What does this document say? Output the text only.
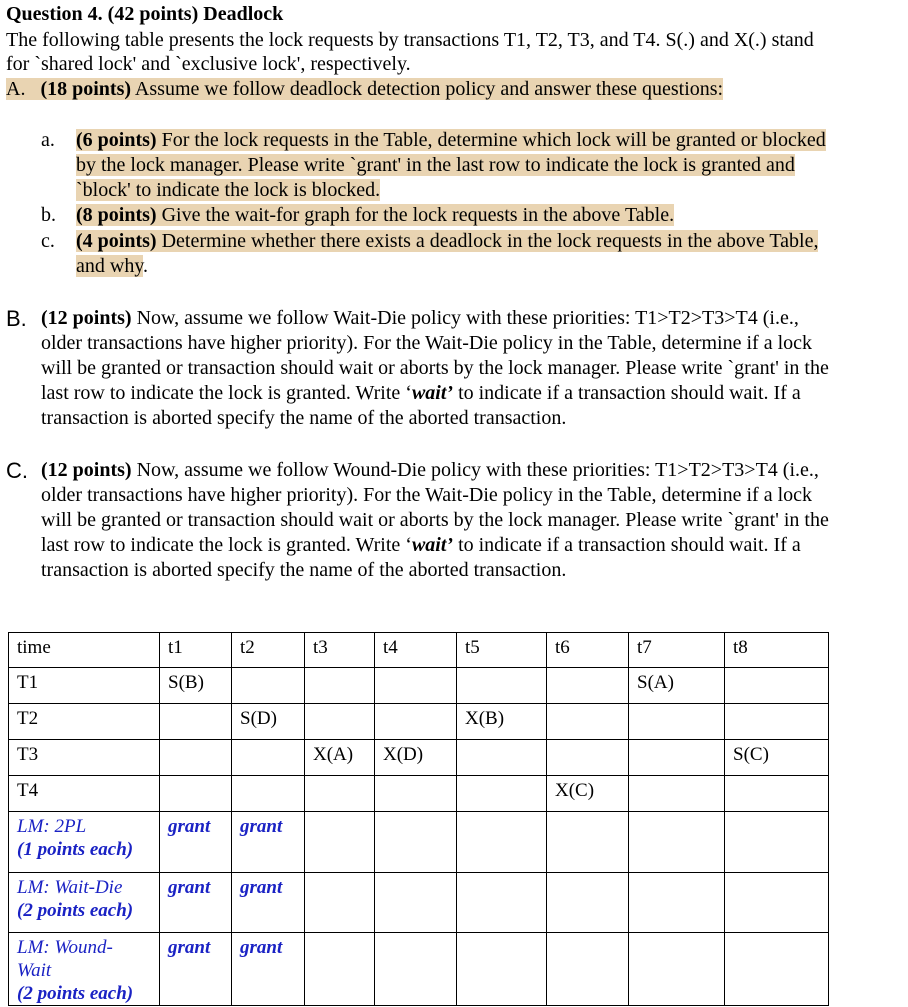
Question 4. (42 points) Deadlock
The following table presents the lock requests by transactions T1, T2, T3, and T4. S(.) and X(.) stand
for `shared lock' and `exclusive lock', respectively.
A. (18 points) Assume we follow deadlock detection policy and answer these questions:
a. (6 points) For the lock requests in the Table, determine which lock will be granted or blocked
by the lock manager. Please write `grant' in the last row to indicate the lock is granted and
`block' to indicate the lock is blocked.
b. (8 points) Give the wait-for graph for the lock requests in the above Table.
c. (4 points) Determine whether there exists a deadlock in the lock requests in the above Table,
and why.
B. (12 points) Now, assume we follow Wait-Die policy with these priorities: T1>T2>T3>T4 (i.e.,
older transactions have higher priority). For the Wait-Die policy in the Table, determine if a lock
will be granted or transaction should wait or aborts by the lock manager. Please write `grant' in the
last row to indicate the lock is granted. Write ‘wait’ to indicate if a transaction should wait. If a
transaction is aborted specify the name of the aborted transaction.
C. (12 points) Now, assume we follow Wound-Die policy with these priorities: T1>T2>T3>T4 (i.e.,
older transactions have higher priority). For the Wait-Die policy in the Table, determine if a lock
will be granted or transaction should wait or aborts by the lock manager. Please write `grant' in the
last row to indicate the lock is granted. Write ‘wait’ to indicate if a transaction should wait. If a
transaction is aborted specify the name of the aborted transaction.
time	t1	t2	t3	t4	t5	t6	t7	t8
T1	S(B)						S(A)	
T2		S(D)			X(B)			
T3			X(A)	X(D)				S(C)
T4						X(C)		
LM: 2PL
(1 points each)	grant	grant						
LM: Wait-Die
(2 points each)	grant	grant						
LM: Wound-
Wait
(2 points each)	grant	grant						
